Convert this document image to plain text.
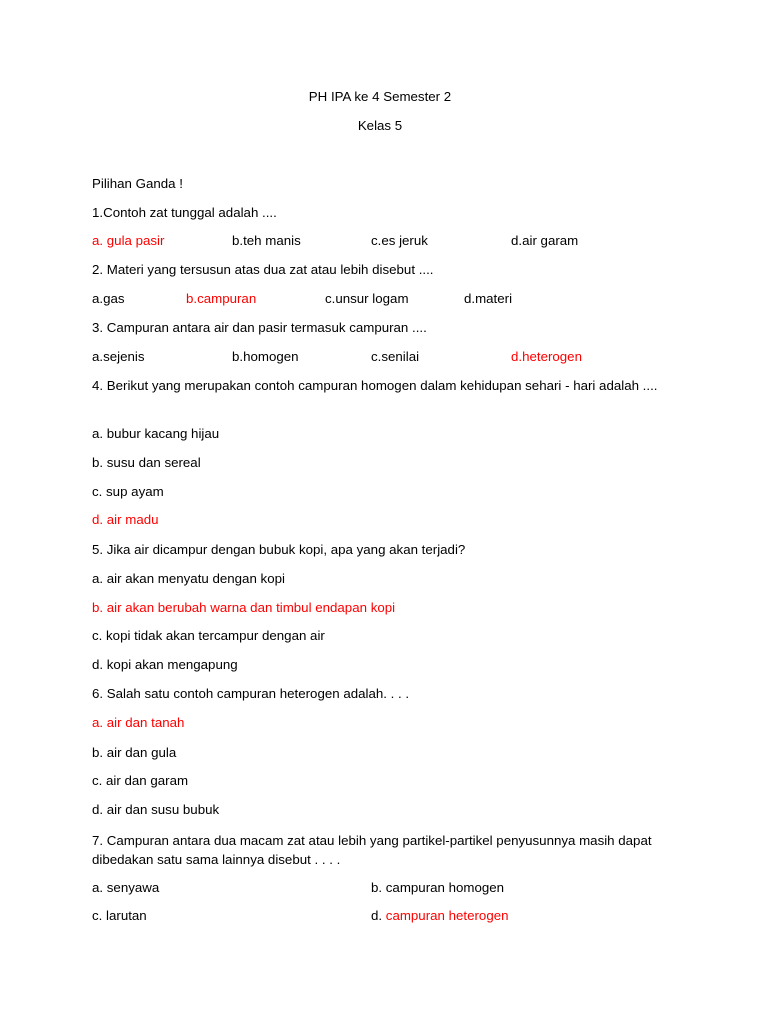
PH IPA ke 4 Semester 2
Kelas 5
Pilihan Ganda !
1.Contoh zat tunggal adalah ....
a. gula pasir	b.teh manis	c.es jeruk	d.air garam
2. Materi yang tersusun atas dua zat atau lebih disebut ....
a.gas	b.campuran	c.unsur logam	d.materi
3. Campuran antara air dan pasir termasuk campuran ....
a.sejenis	b.homogen	c.senilai	d.heterogen
4. Berikut yang merupakan contoh campuran homogen dalam kehidupan sehari - hari adalah ....
a. bubur kacang hijau
b. susu dan sereal
c. sup ayam
d. air madu
5. Jika air dicampur dengan bubuk kopi, apa yang akan terjadi?
a. air akan menyatu dengan kopi
b. air akan berubah warna dan timbul endapan kopi
c. kopi tidak akan tercampur dengan air
d. kopi akan mengapung
6. Salah satu contoh campuran heterogen adalah. . . .
a. air dan tanah
b. air dan gula
c. air dan garam
d. air dan susu bubuk
7. Campuran antara dua macam zat atau lebih yang partikel-partikel penyusunnya masih dapat dibedakan satu sama lainnya disebut . . . .
a. senyawa	b. campuran homogen
c. larutan	d. campuran heterogen
